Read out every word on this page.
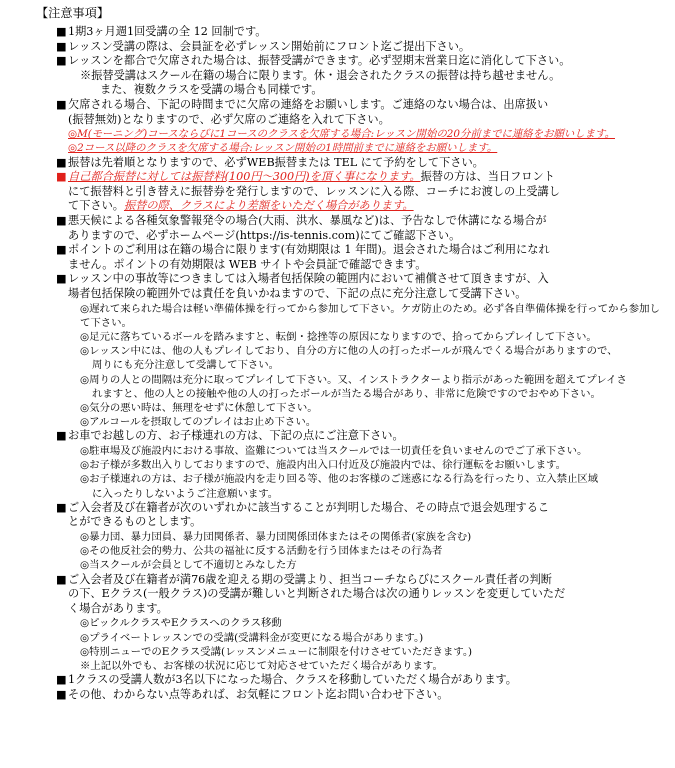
【注意事項】
■ 1期3ヶ月週1回受講の全 12 回制です。
■ レッスン受講の際は、会員証を必ずレッスン開始前にフロント迄ご提出下さい。
■ レッスンを都合で欠席された場合は、振替受講ができます。必ず翌期末営業日迄に消化して下さい。
※振替受講はスクール在籍の場合に限ります。休・退会されたクラスの振替は持ち越せません。
また、複数クラスを受講の場合も同様です。
■ 欠席される場合、下記の時間までに欠席の連絡をお願いします。ご連絡のない場合は、出席扱い
(振替無効)となりますので、必ず欠席のご連絡を入れて下さい。
◎M(モーニング)コースならびに1コースのクラスを欠席する場合:レッスン開始の20分前までに連絡をお願いします。
◎2コース以降のクラスを欠席する場合:レッスン開始の1時間前までに連絡をお願いします。
■ 振替は先着順となりますので、必ずWEB振替または TEL にて予約をして下さい。
■ 自己都合振替に対しては振替料(100円〜300円)を頂く事になります。振替の方は、当日フロント
にて振替料と引き替えに振替券を発行しますので、レッスンに入る際、コーチにお渡しの上受講し
て下さい。振替の際、クラスにより差額をいただく場合があります。
■ 悪天候による各種気象警報発令の場合(大雨、洪水、暴風など)は、予告なしで休講になる場合が
ありますので、必ずホームページ(https://is-tennis.com)にてご確認下さい。
■ ポイントのご利用は在籍の場合に限ります(有効期限は 1 年間)。退会された場合はご利用になれ
ません。ポイントの有効期限は WEB サイトや会員証で確認できます。
■ レッスン中の事故等につきましては入場者包括保険の範囲内において補償させて頂きますが、入
場者包括保険の範囲外では責任を負いかねますので、下記の点に充分注意して受講下さい。
◎遅れて来られた場合は軽い準備体操を行ってから参加して下さい。ケガ防止のため。必ず各自準備体操を行ってから参加して下さい。
◎足元に落ちているボールを踏みますと、転倒・捻挫等の原因になりますので、拾ってからプレイして下さい。
◎レッスン中には、他の人もプレイしており、自分の方に他の人の打ったボールが飛んでくる場合がありますので、
周りにも充分注意して受講して下さい。
◎周りの人との間隔は充分に取ってプレイして下さい。又、インストラクターより指示があった範囲を超えてプレイさ
れますと、他の人との接触や他の人の打ったボールが当たる場合があり、非常に危険ですのでおやめ下さい。
◎気分の悪い時は、無理をせずに休憩して下さい。
◎アルコールを摂取してのプレイはお止め下さい。
■ お車でお越しの方、お子様連れの方は、下記の点にご注意下さい。
◎駐車場及び施設内における事故、盗難については当スクールでは一切責任を負いませんのでご了承下さい。
◎お子様が多数出入りしておりますので、施設内出入口付近及び施設内では、徐行運転をお願いします。
◎お子様連れの方は、お子様が施設内を走り回る等、他のお客様のご迷惑になる行為を行ったり、立入禁止区域
に入ったりしないようご注意願います。
■ ご入会者及び在籍者が次のいずれかに該当することが判明した場合、その時点で退会処理するこ
とができるものとします。
◎暴力団、暴力団員、暴力団関係者、暴力団関係団体またはその関係者(家族を含む)
◎その他反社会的勢力、公共の福祉に反する活動を行う団体またはその行為者
◎当スクールが会員として不適切とみなした方
■ ご入会者及び在籍者が満76歳を迎える期の受講より、担当コーチならびにスクール責任者の判断
の下、Eクラス(一般クラス)の受講が難しいと判断された場合は次の通りレッスンを変更していただ
く場合があります。
◎ピックルクラスやEクラスへのクラス移動
◎プライベートレッスンでの受講(受講料金が変更になる場合があります。)
◎特別ニューでのEクラス受講(レッスンメニューに制限を付けさせていただきます。)
※上記以外でも、お客様の状況に応じて対応させていただく場合があります。
■ 1クラスの受講人数が3名以下になった場合、クラスを移動していただく場合があります。
■ その他、わからない点等あれば、お気軽にフロント迄お問い合わせ下さい。
